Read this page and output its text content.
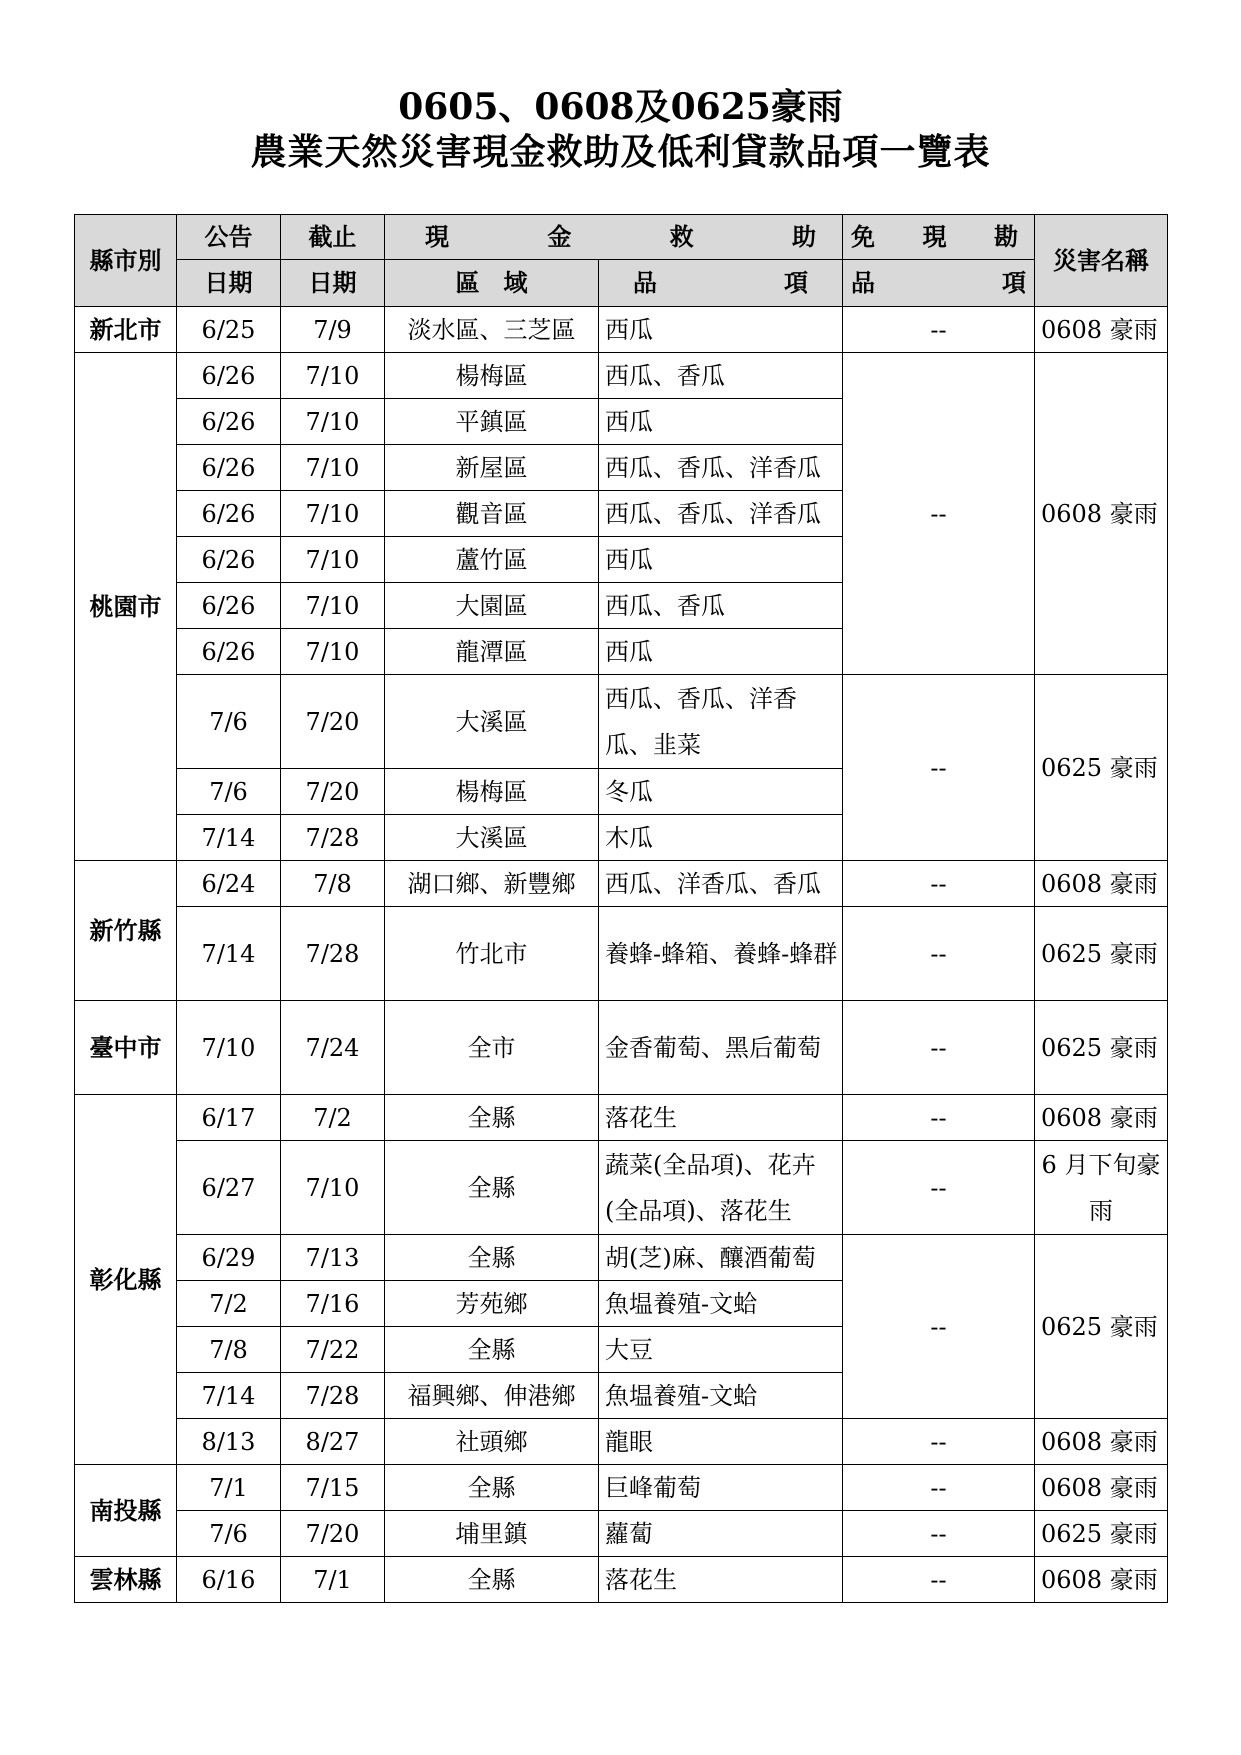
0605、0608及0625豪雨
農業天然災害現金救助及低利貸款品項一覽表
縣市別	公告	截止	現 金 救 助		免 現 勘	災害名稱
	日期	日期	區　域	品 項	品 項	

新北市	6/25	7/9	淡水區、三芝區	西瓜	--	0608 豪雨
桃園市	6/26	7/10	楊梅區	西瓜、香瓜	--	0608 豪雨
	6/26	7/10	平鎮區	西瓜		
	6/26	7/10	新屋區	西瓜、香瓜、洋香瓜		
	6/26	7/10	觀音區	西瓜、香瓜、洋香瓜		
	6/26	7/10	蘆竹區	西瓜		
	6/26	7/10	大園區	西瓜、香瓜		
	6/26	7/10	龍潭區	西瓜		
	7/6	7/20	大溪區	西瓜、香瓜、洋香瓜、韭菜	--	0625 豪雨
	7/6	7/20	楊梅區	冬瓜		
	7/14	7/28	大溪區	木瓜		
新竹縣	6/24	7/8	湖口鄉、新豐鄉	西瓜、洋香瓜、香瓜	--	0608 豪雨
	7/14	7/28	竹北市	養蜂-蜂箱、養蜂-蜂群	--	0625 豪雨
臺中市	7/10	7/24	全市	金香葡萄、黑后葡萄	--	0625 豪雨
彰化縣	6/17	7/2	全縣	落花生	--	0608 豪雨
	6/27	7/10	全縣	蔬菜(全品項)、花卉(全品項)、落花生	--	6 月下旬豪雨
	6/29	7/13	全縣	胡(芝)麻、釀酒葡萄	--	0625 豪雨
	7/2	7/16	芳苑鄉	魚塭養殖-文蛤		
	7/8	7/22	全縣	大豆		
	7/14	7/28	福興鄉、伸港鄉	魚塭養殖-文蛤		
	8/13	8/27	社頭鄉	龍眼	--	0608 豪雨
南投縣	7/1	7/15	全縣	巨峰葡萄	--	0608 豪雨
	7/6	7/20	埔里鎮	蘿蔔	--	0625 豪雨
雲林縣	6/16	7/1	全縣	落花生	--	0608 豪雨
